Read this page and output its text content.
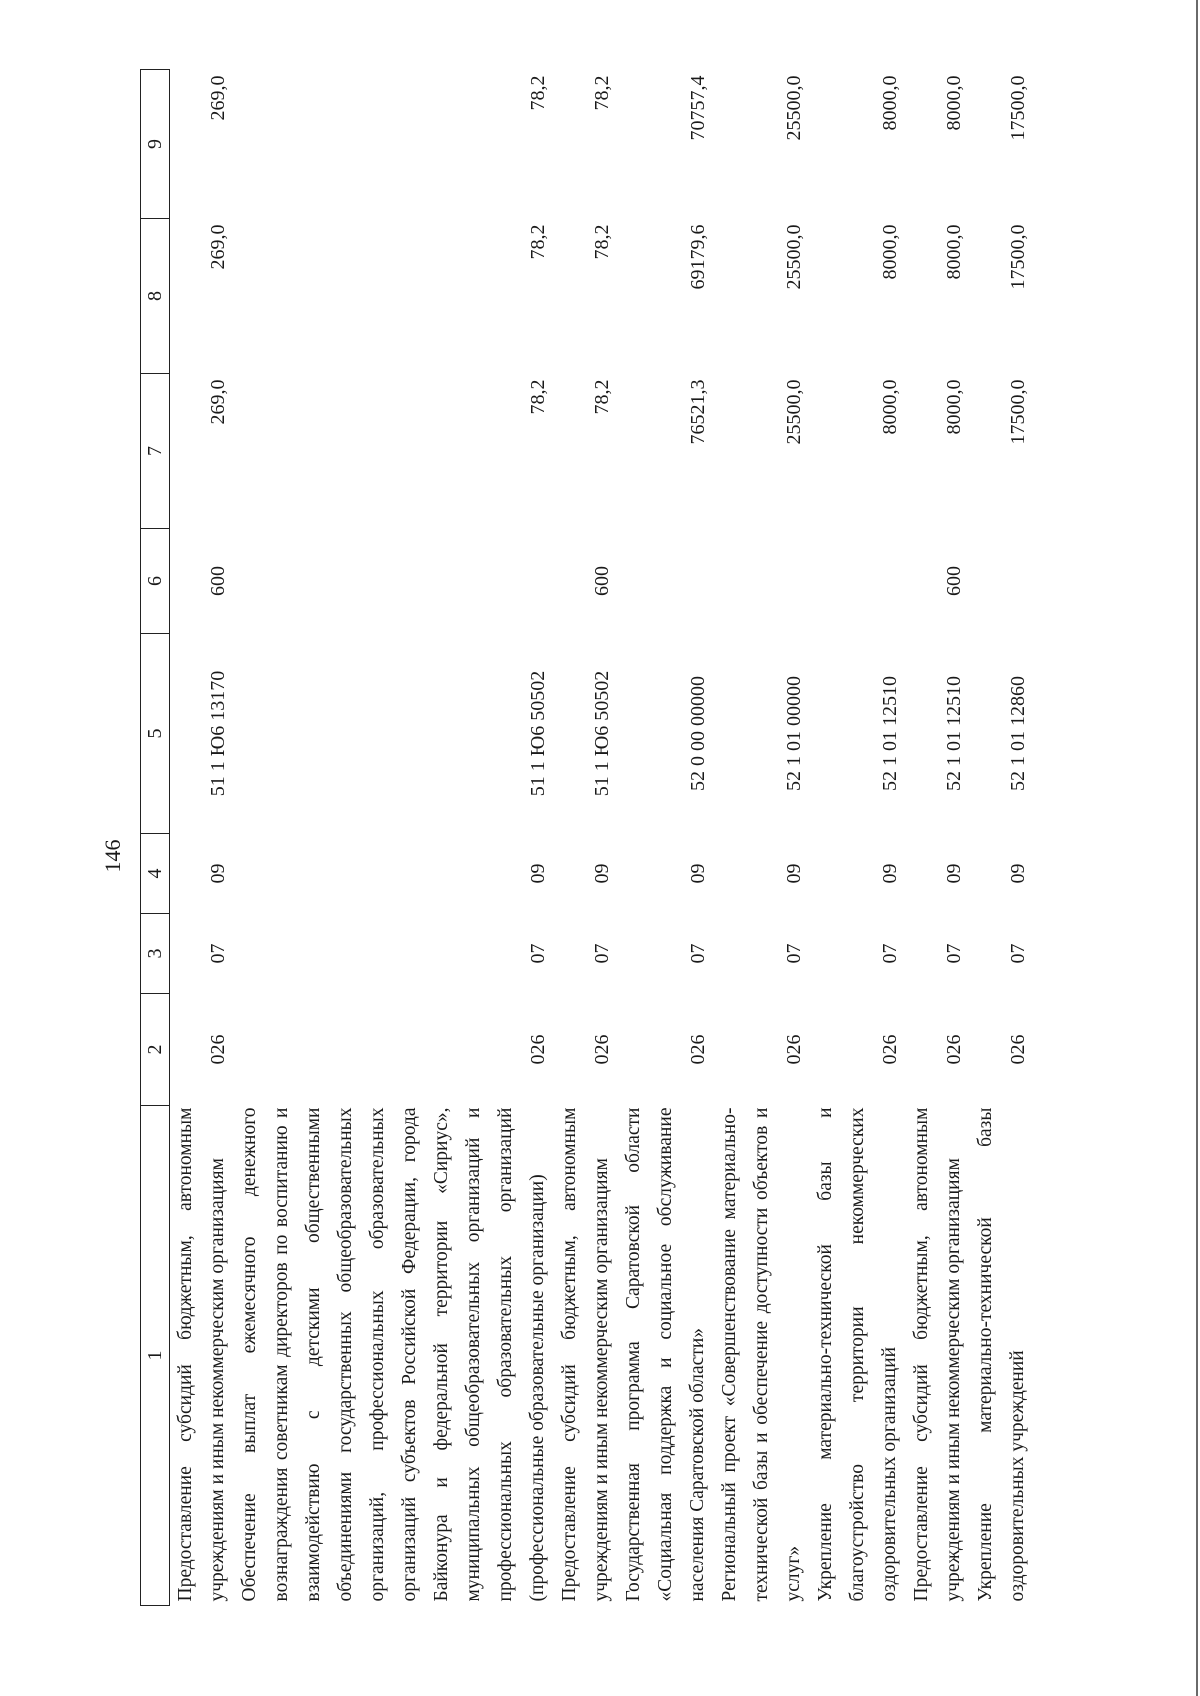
146
1	2	3	4	5	6	7	8	9
Предоставление субсидий бюджетным, автономным учреждениям и иным некоммерческим организациям	026	07	09	51 1 Ю6 13170	600	269,0	269,0	269,0
Обеспечение выплат ежемесячного денежного вознаграждения советникам директоров по воспитанию и взаимодействию с детскими общественными объединениями государственных общеобразовательных организаций, профессиональных образовательных организаций субъектов Российской Федерации, города Байконура и федеральной территории «Сириус», муниципальных общеобразовательных организаций и профессиональных образовательных организаций (профессиональные образовательные организации)	026	07	09	51 1 Ю6 50502		78,2	78,2	78,2
Предоставление субсидий бюджетным, автономным учреждениям и иным некоммерческим организациям	026	07	09	51 1 Ю6 50502	600	78,2	78,2	78,2
Государственная программа Саратовской области «Социальная поддержка и социальное обслуживание населения Саратовской области»	026	07	09	52 0 00 00000		76521,3	69179,6	70757,4
Региональный проект «Совершенствование материально-технической базы и обеспечение доступности объектов и услуг»	026	07	09	52 1 01 00000		25500,0	25500,0	25500,0
Укрепление материально-технической базы и благоустройство территории некоммерческих оздоровительных организаций	026	07	09	52 1 01 12510		8000,0	8000,0	8000,0
Предоставление субсидий бюджетным, автономным учреждениям и иным некоммерческим организациям	026	07	09	52 1 01 12510	600	8000,0	8000,0	8000,0
Укрепление материально-технической базы оздоровительных учреждений	026	07	09	52 1 01 12860		17500,0	17500,0	17500,0
